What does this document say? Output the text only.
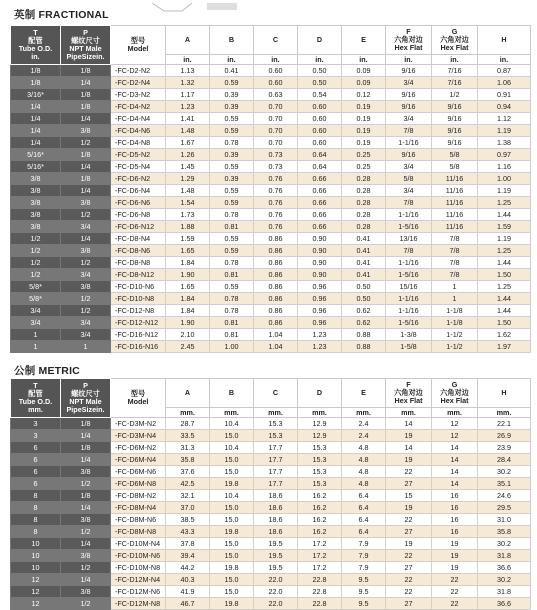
英制 FRACTIONAL
T
配管
Tube O.D.
in.	P
螺纹尺寸
NPT Male
PipeSizein.	型号
Model	A	B	C	D	E	F
六角对边
Hex Flat	G
六角对边
Hex Flat	H
			in.	in.	in.	in.	in.	in.	in.	in.
1/8	1/8	-FC-D2-N2	1.13	0.41	0.60	0.50	0.09	9/16	7/16	0.87
1/8	1/4	-FC-D2-N4	1.32	0.59	0.60	0.50	0.09	3/4	7/16	1.06
3/16*	1/8	-FC-D3-N2	1.17	0.39	0.63	0.54	0.12	9/16	1/2	0.91
1/4	1/8	-FC-D4-N2	1.23	0.39	0.70	0.60	0.19	9/16	9/16	0.94
1/4	1/4	-FC-D4-N4	1.41	0.59	0.70	0.60	0.19	3/4	9/16	1.12
1/4	3/8	-FC-D4-N6	1.48	0.59	0.70	0.60	0.19	7/8	9/16	1.19
1/4	1/2	-FC-D4-N8	1.67	0.78	0.70	0.60	0.19	1-1/16	9/16	1.38
5/16*	1/8	-FC-D5-N2	1.26	0.39	0.73	0.64	0.25	9/16	5/8	0.97
5/16*	1/4	-FC-D5-N4	1.45	0.59	0.73	0.64	0.25	3/4	5/8	1.16
3/8	1/8	-FC-D6-N2	1.29	0.39	0.76	0.66	0.28	5/8	11/16	1.00
3/8	1/4	-FC-D6-N4	1.48	0.59	0.76	0.66	0.28	3/4	11/16	1.19
3/8	3/8	-FC-D6-N6	1.54	0.59	0.76	0.66	0.28	7/8	11/16	1.25
3/8	1/2	-FC-D6-N8	1.73	0.78	0.76	0.66	0.28	1-1/16	11/16	1.44
3/8	3/4	-FC-D6-N12	1.88	0.81	0.76	0.66	0.28	1-5/16	11/16	1.59
1/2	1/4	-FC-D8-N4	1.59	0.59	0.86	0.90	0.41	13/16	7/8	1.19
1/2	3/8	-FC-D8-N6	1.65	0.59	0.86	0.90	0.41	7/8	7/8	1.25
1/2	1/2	-FC-D8-N8	1.84	0.78	0.86	0.90	0.41	1-1/16	7/8	1.44
1/2	3/4	-FC-D8-N12	1.90	0.81	0.86	0.90	0.41	1-5/16	7/8	1.50
5/8*	3/8	-FC-D10-N6	1.65	0.59	0.86	0.96	0.50	15/16	1	1.25
5/8*	1/2	-FC-D10-N8	1.84	0.78	0.86	0.96	0.50	1-1/16	1	1.44
3/4	1/2	-FC-D12-N8	1.84	0.78	0.86	0.96	0.62	1-1/16	1-1/8	1.44
3/4	3/4	-FC-D12-N12	1.90	0.81	0.86	0.96	0.62	1-5/16	1-1/8	1.50
1	3/4	-FC-D16-N12	2.10	0.81	1.04	1.23	0.88	1-3/8	1-1/2	1.62
1	1	-FC-D16-N16	2.45	1.00	1.04	1.23	0.88	1-5/8	1-1/2	1.97
公制 METRIC
T
配管
Tube O.D.
mm.	P
螺纹尺寸
NPT Male
PipeSizein.	型号
Model	A	B	C	D	E	F
六角对边
Hex Flat	G
六角对边
Hex Flat	H
			mm.	mm.	mm.	mm.	mm.	mm.	mm.	mm.
3	1/8	-FC-D3M-N2	28.7	10.4	15.3	12.9	2.4	14	12	22.1
3	1/4	-FC-D3M-N4	33.5	15.0	15.3	12.9	2.4	19	12	26.9
6	1/8	-FC-D6M-N2	31.3	10.4	17.7	15.3	4.8	14	14	23.9
6	1/4	-FC-D6M-N4	35.8	15.0	17.7	15.3	4.8	19	14	28.4
6	3/8	-FC-D6M-N6	37.6	15.0	17.7	15.3	4.8	22	14	30.2
6	1/2	-FC-D6M-N8	42.5	19.8	17.7	15.3	4.8	27	14	35.1
8	1/8	-FC-D8M-N2	32.1	10.4	18.6	16.2	6.4	15	16	24.6
8	1/4	-FC-D8M-N4	37.0	15.0	18.6	16.2	6.4	19	16	29.5
8	3/8	-FC-D8M-N6	38.5	15.0	18.6	16.2	6.4	22	16	31.0
8	1/2	-FC-D8M-N8	43.3	19.8	18.6	16.2	6.4	27	16	35.8
10	1/4	-FC-D10M-N4	37.8	15.0	19.5	17.2	7.9	19	19	30.2
10	3/8	-FC-D10M-N6	39.4	15.0	19.5	17.2	7.9	22	19	31.8
10	1/2	-FC-D10M-N8	44.2	19.8	19.5	17.2	7.9	27	19	36.6
12	1/4	-FC-D12M-N4	40.3	15.0	22.0	22.8	9.5	22	22	30.2
12	3/8	-FC-D12M-N6	41.9	15.0	22.0	22.8	9.5	22	22	31.8
12	1/2	-FC-D12M-N8	46.7	19.8	22.0	22.8	9.5	27	22	36.6
